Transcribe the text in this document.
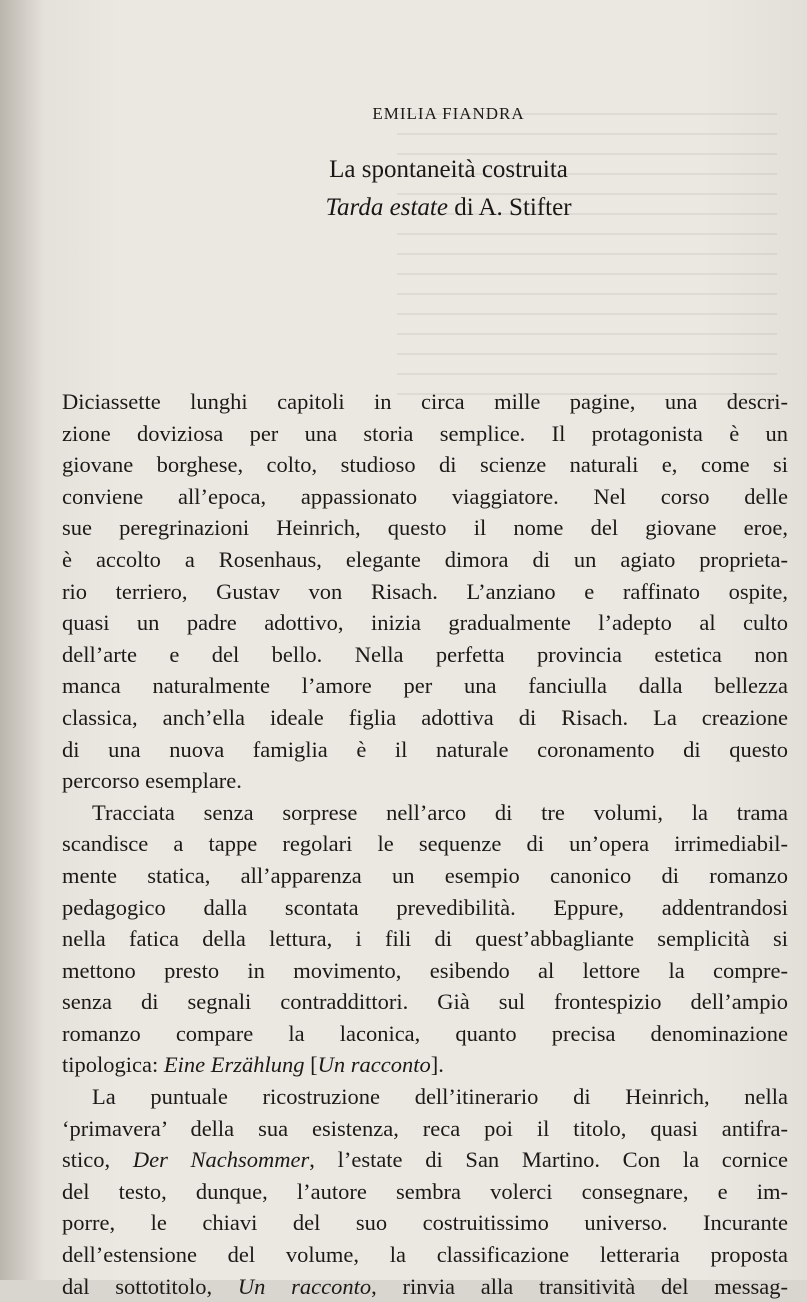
EMILIA FIANDRA
La spontaneità costruita
Tarda estate di A. Stifter
Diciassette lunghi capitoli in circa mille pagine, una descri-
zione doviziosa per una storia semplice. Il protagonista è un
giovane borghese, colto, studioso di scienze naturali e, come si
conviene all’epoca, appassionato viaggiatore. Nel corso delle
sue peregrinazioni Heinrich, questo il nome del giovane eroe,
è accolto a Rosenhaus, elegante dimora di un agiato proprieta-
rio terriero, Gustav von Risach. L’anziano e raffinato ospite,
quasi un padre adottivo, inizia gradualmente l’adepto al culto
dell’arte e del bello. Nella perfetta provincia estetica non
manca naturalmente l’amore per una fanciulla dalla bellezza
classica, anch’ella ideale figlia adottiva di Risach. La creazione
di una nuova famiglia è il naturale coronamento di questo
percorso esemplare.
Tracciata senza sorprese nell’arco di tre volumi, la trama
scandisce a tappe regolari le sequenze di un’opera irrimediabil-
mente statica, all’apparenza un esempio canonico di romanzo
pedagogico dalla scontata prevedibilità. Eppure, addentrandosi
nella fatica della lettura, i fili di quest’abbagliante semplicità si
mettono presto in movimento, esibendo al lettore la compre-
senza di segnali contraddittori. Già sul frontespizio dell’ampio
romanzo compare la laconica, quanto precisa denominazione
tipologica: Eine Erzählung [Un racconto].
La puntuale ricostruzione dell’itinerario di Heinrich, nella
‘primavera’ della sua esistenza, reca poi il titolo, quasi antifra-
stico, Der Nachsommer, l’estate di San Martino. Con la cornice
del testo, dunque, l’autore sembra volerci consegnare, e im-
porre, le chiavi del suo costruitissimo universo. Incurante
dell’estensione del volume, la classificazione letteraria proposta
dal sottotitolo, Un racconto, rinvia alla transitività del messag-
